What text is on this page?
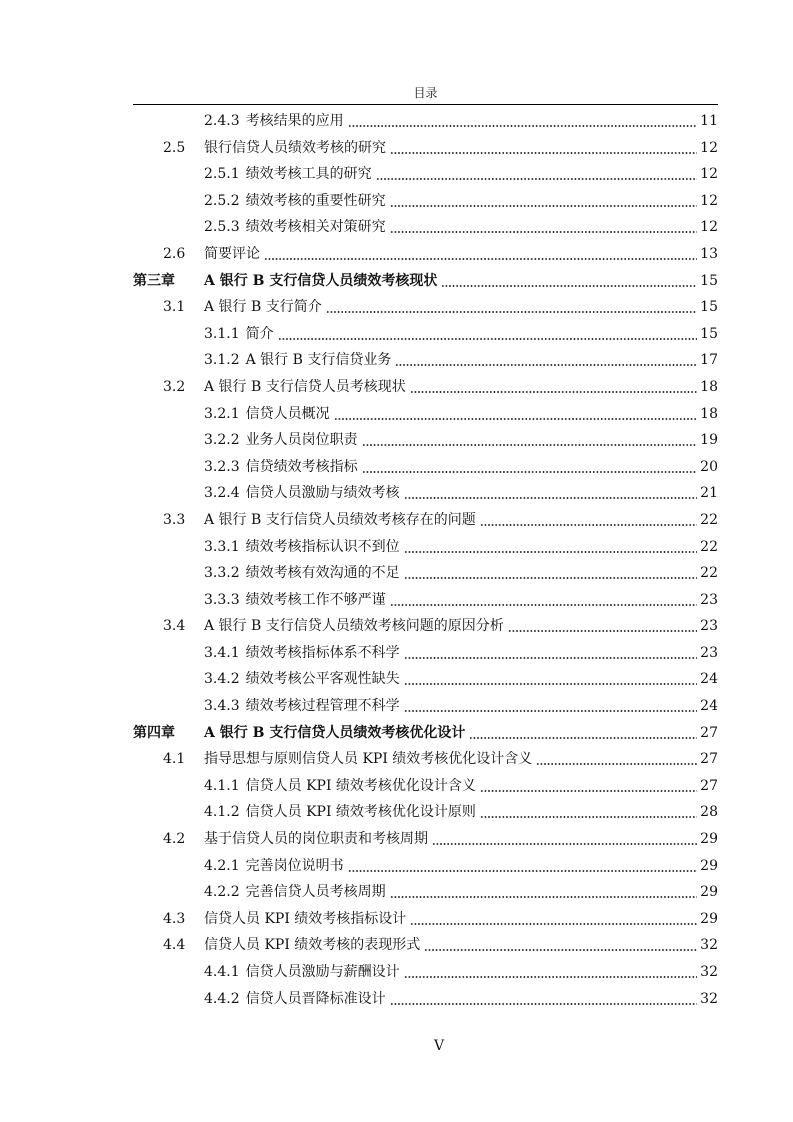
目录
2.4.3 考核结果的应用	11
2.5	银行信贷人员绩效考核的研究	12
2.5.1 绩效考核工具的研究	12
2.5.2 绩效考核的重要性研究	12
2.5.3 绩效考核相关对策研究	12
2.6	简要评论	13
第三章	A 银行 B 支行信贷人员绩效考核现状	15
3.1	A 银行 B 支行简介	15
3.1.1 简介	15
3.1.2 A 银行 B 支行信贷业务	17
3.2	A 银行 B 支行信贷人员考核现状	18
3.2.1 信贷人员概况	18
3.2.2 业务人员岗位职责	19
3.2.3 信贷绩效考核指标	20
3.2.4 信贷人员激励与绩效考核	21
3.3	A 银行 B 支行信贷人员绩效考核存在的问题	22
3.3.1 绩效考核指标认识不到位	22
3.3.2 绩效考核有效沟通的不足	22
3.3.3 绩效考核工作不够严谨	23
3.4	A 银行 B 支行信贷人员绩效考核问题的原因分析	23
3.4.1 绩效考核指标体系不科学	23
3.4.2 绩效考核公平客观性缺失	24
3.4.3 绩效考核过程管理不科学	24
第四章	A 银行 B 支行信贷人员绩效考核优化设计	27
4.1	指导思想与原则信贷人员 KPI 绩效考核优化设计含义	27
4.1.1 信贷人员 KPI 绩效考核优化设计含义	27
4.1.2 信贷人员 KPI 绩效考核优化设计原则	28
4.2	基于信贷人员的岗位职责和考核周期	29
4.2.1 完善岗位说明书	29
4.2.2 完善信贷人员考核周期	29
4.3	信贷人员 KPI 绩效考核指标设计	29
4.4	信贷人员 KPI 绩效考核的表现形式	32
4.4.1 信贷人员激励与薪酬设计	32
4.4.2 信贷人员晋降标准设计	32
V
